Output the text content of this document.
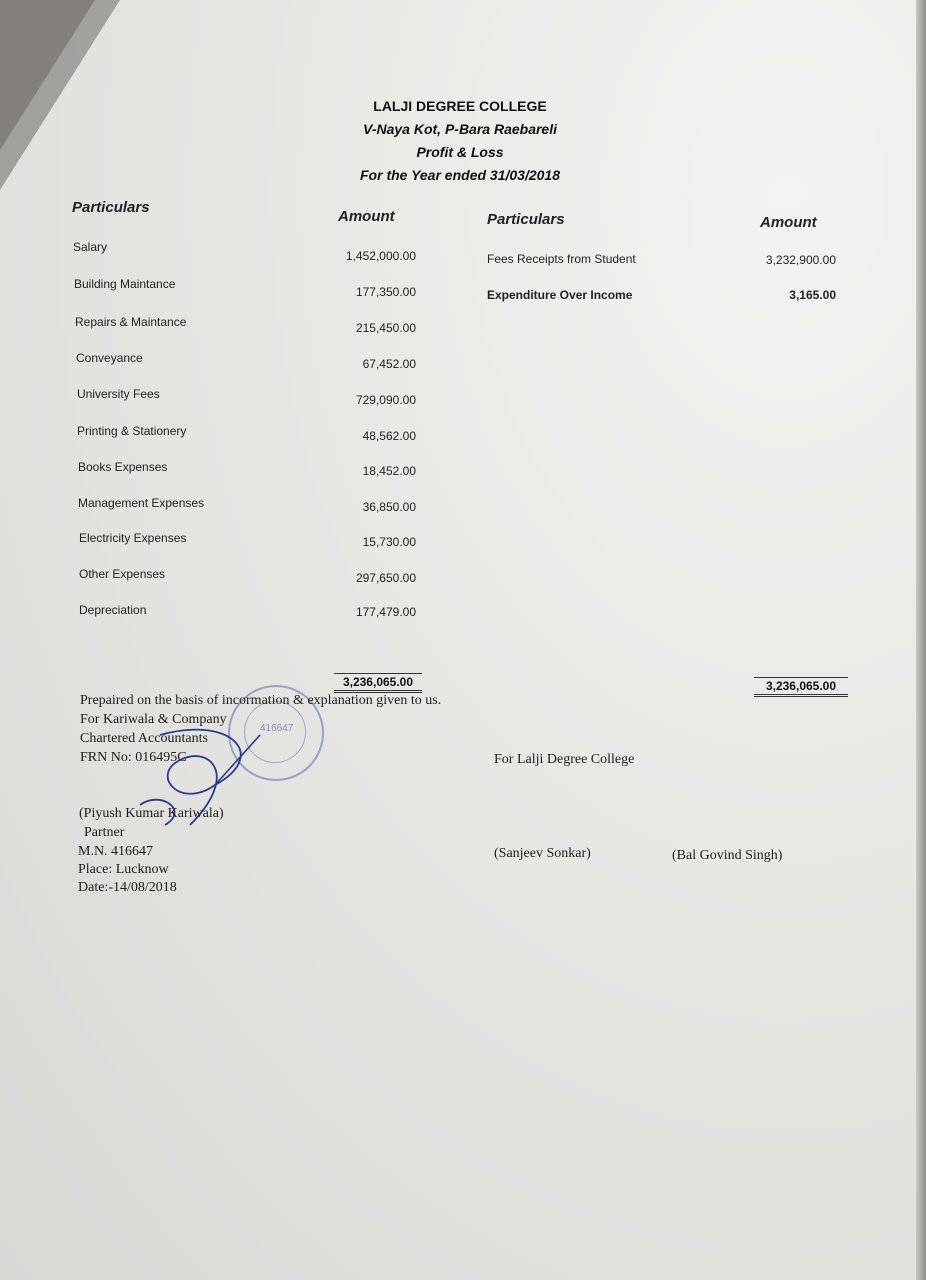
LALJI DEGREE COLLEGE
V-Naya Kot, P-Bara Raebareli
Profit & Loss
For the Year ended 31/03/2018
Particulars
Amount	Particulars	Amount
Salary
1,452,000.00
Building Maintance
177,350.00
Repairs & Maintance	215,450.00
Conveyance	67,452.00
University Fees	729,090.00
Printing & Stationery	48,562.00
Books Expenses	18,452.00
Management Expenses	36,850.00
Electricity Expenses	15,730.00
Other Expenses	297,650.00
Depreciation	177,479.00
Fees Receipts from Student	3,232,900.00
Expenditure Over Income	3,165.00
3,236,065.00	3,236,065.00
416647
Prepaired on the basis of incormation & explanation given to us.
For Kariwala & Company
Chartered Accountants
FRN No: 016495C
(Piyush Kumar Kariwala)
Partner
M.N. 416647
Place: Lucknow
Date:-14/08/2018
For Lalji Degree College
(Sanjeev Sonkar)	(Bal Govind Singh)
